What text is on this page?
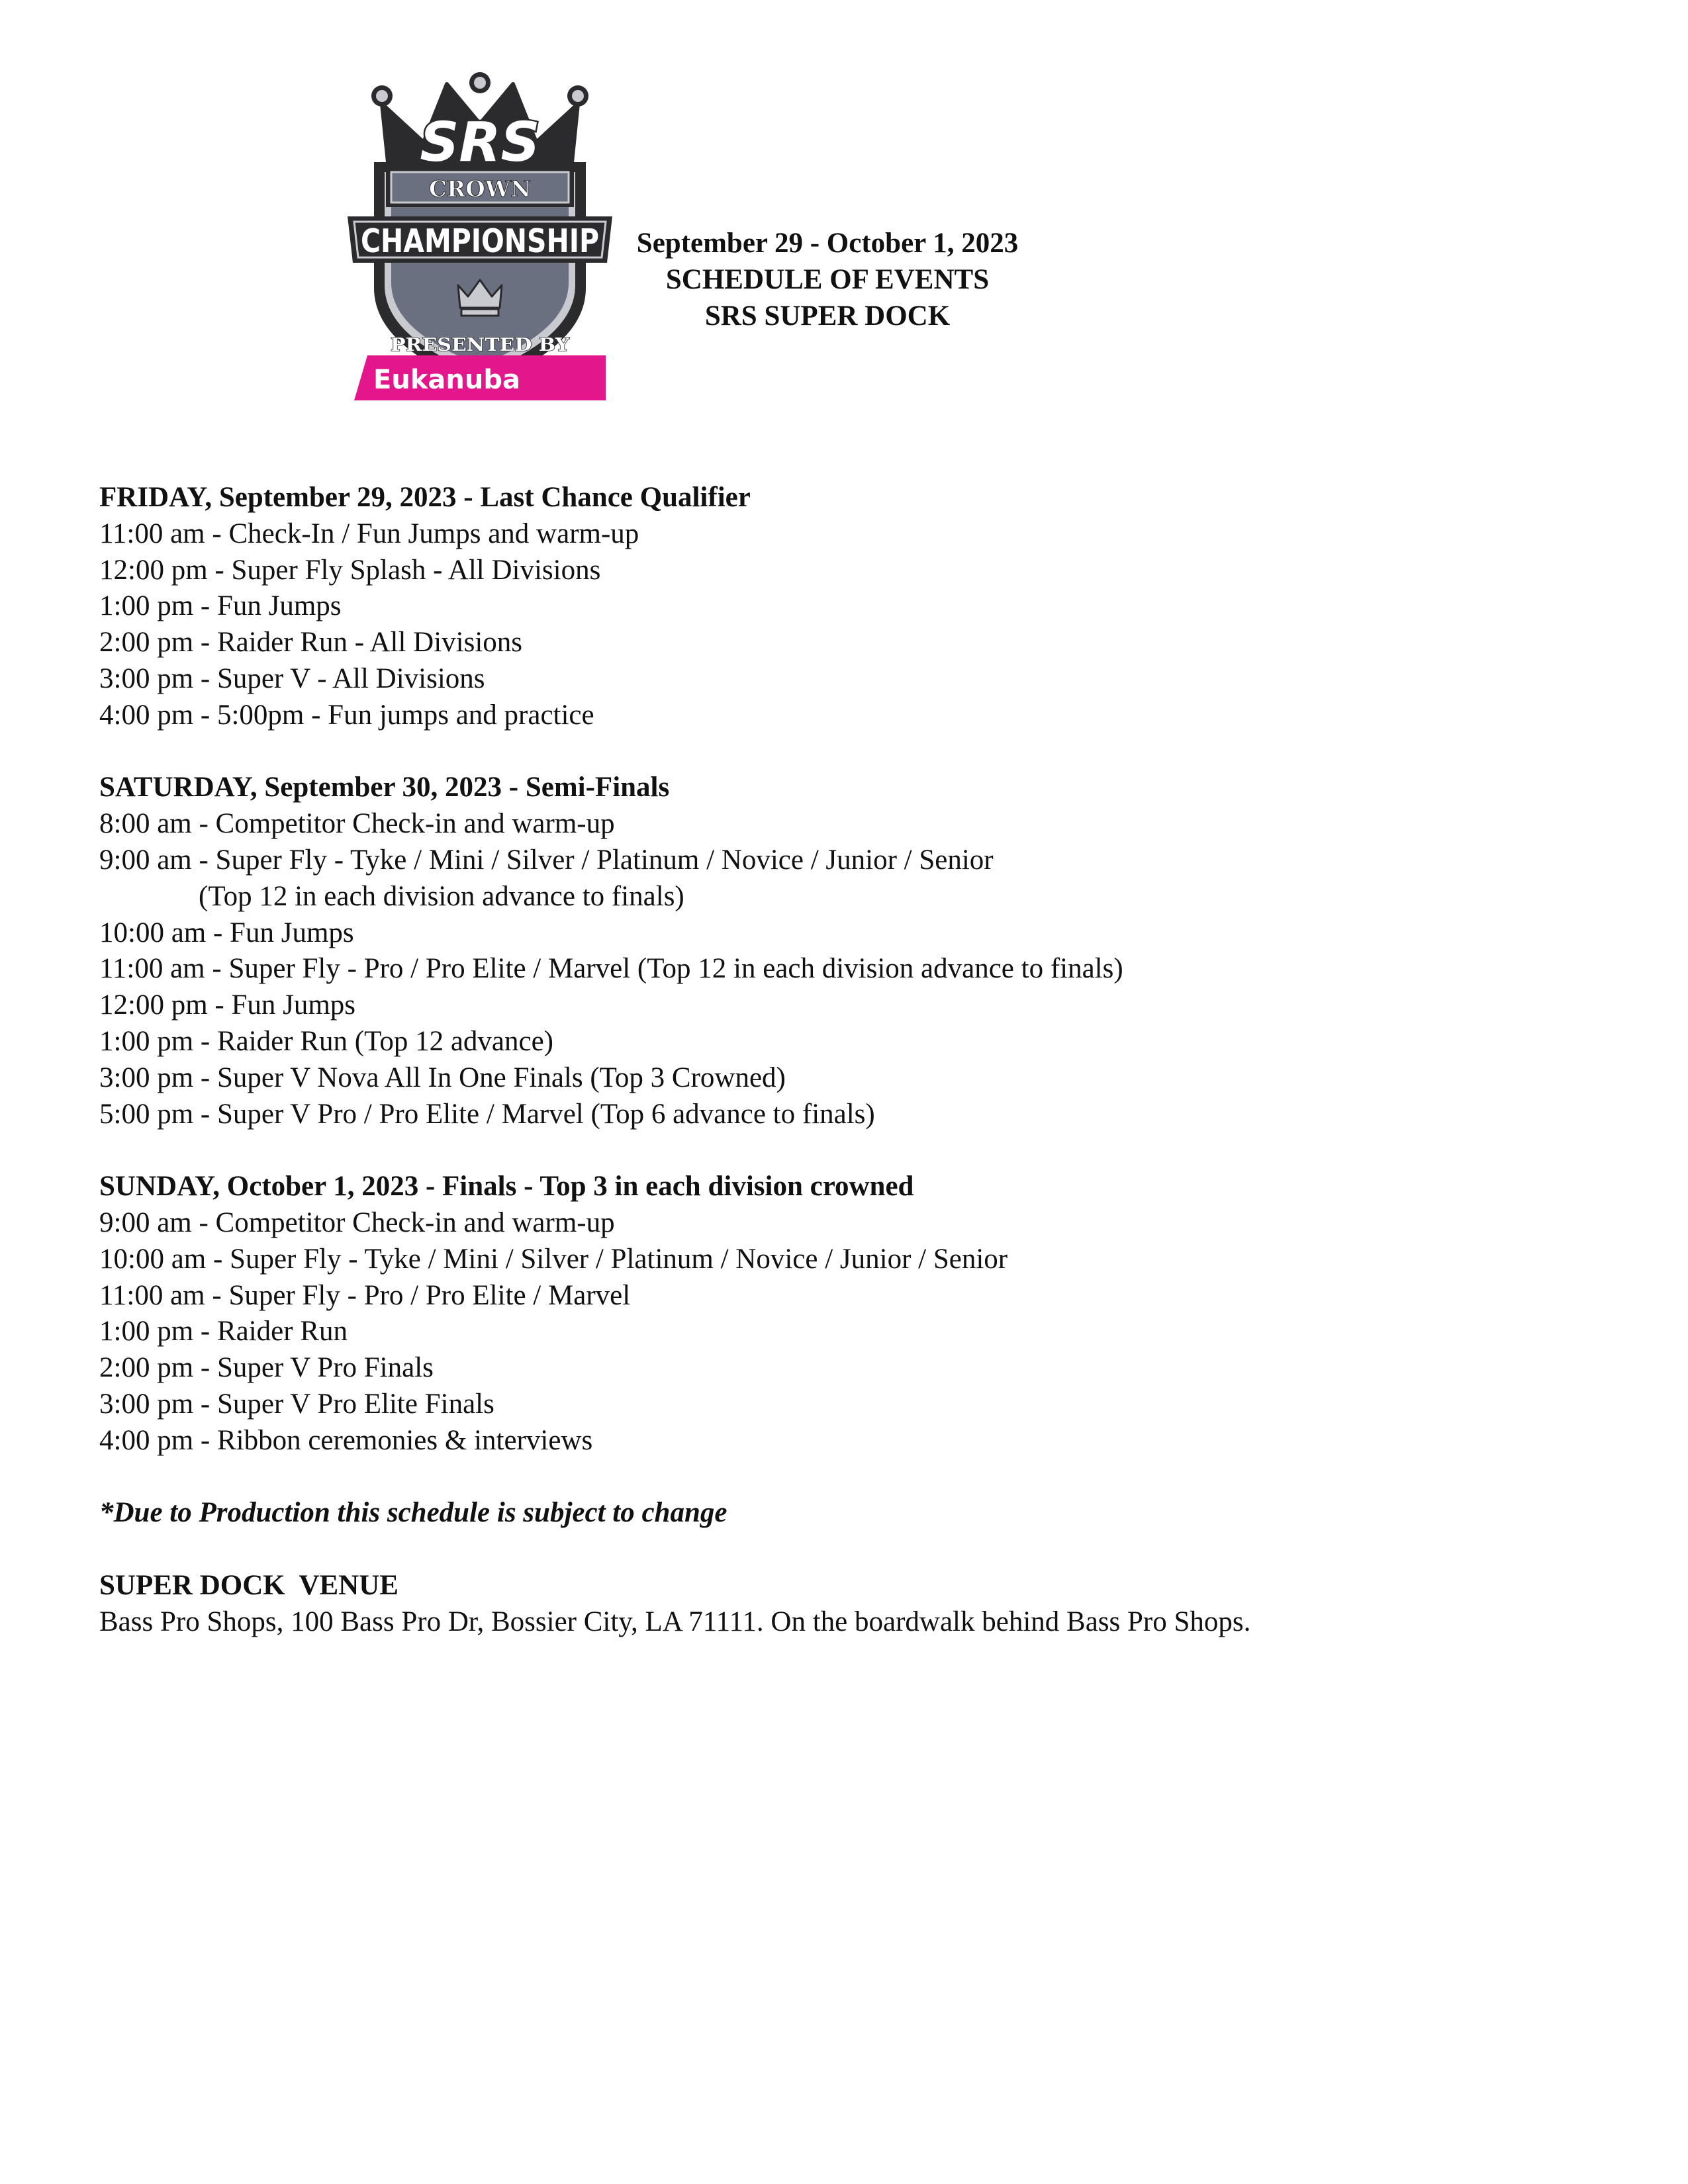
CROWN
SRS
CHAMPIONSHIP
PRESENTED BY
Eukanuba
September 29 - October 1, 2023
SCHEDULE OF EVENTS
SRS SUPER DOCK
FRIDAY, September 29, 2023 - Last Chance Qualifier
11:00 am - Check-In / Fun Jumps and warm-up
12:00 pm - Super Fly Splash - All Divisions
1:00 pm - Fun Jumps
2:00 pm - Raider Run - All Divisions
3:00 pm - Super V - All Divisions
4:00 pm - 5:00pm - Fun jumps and practice
SATURDAY, September 30, 2023 - Semi-Finals
8:00 am - Competitor Check-in and warm-up
9:00 am - Super Fly - Tyke / Mini / Silver / Platinum / Novice / Junior / Senior
(Top 12 in each division advance to finals)
10:00 am - Fun Jumps
11:00 am - Super Fly - Pro / Pro Elite / Marvel (Top 12 in each division advance to finals)
12:00 pm - Fun Jumps
1:00 pm - Raider Run (Top 12 advance)
3:00 pm - Super V Nova All In One Finals (Top 3 Crowned)
5:00 pm - Super V Pro / Pro Elite / Marvel (Top 6 advance to finals)
SUNDAY, October 1, 2023 - Finals - Top 3 in each division crowned
9:00 am - Competitor Check-in and warm-up
10:00 am - Super Fly - Tyke / Mini / Silver / Platinum / Novice / Junior / Senior
11:00 am - Super Fly - Pro / Pro Elite / Marvel
1:00 pm - Raider Run
2:00 pm - Super V Pro Finals
3:00 pm - Super V Pro Elite Finals
4:00 pm - Ribbon ceremonies & interviews
*Due to Production this schedule is subject to change
SUPER DOCK  VENUE
Bass Pro Shops, 100 Bass Pro Dr, Bossier City, LA 71111. On the boardwalk behind Bass Pro Shops.
